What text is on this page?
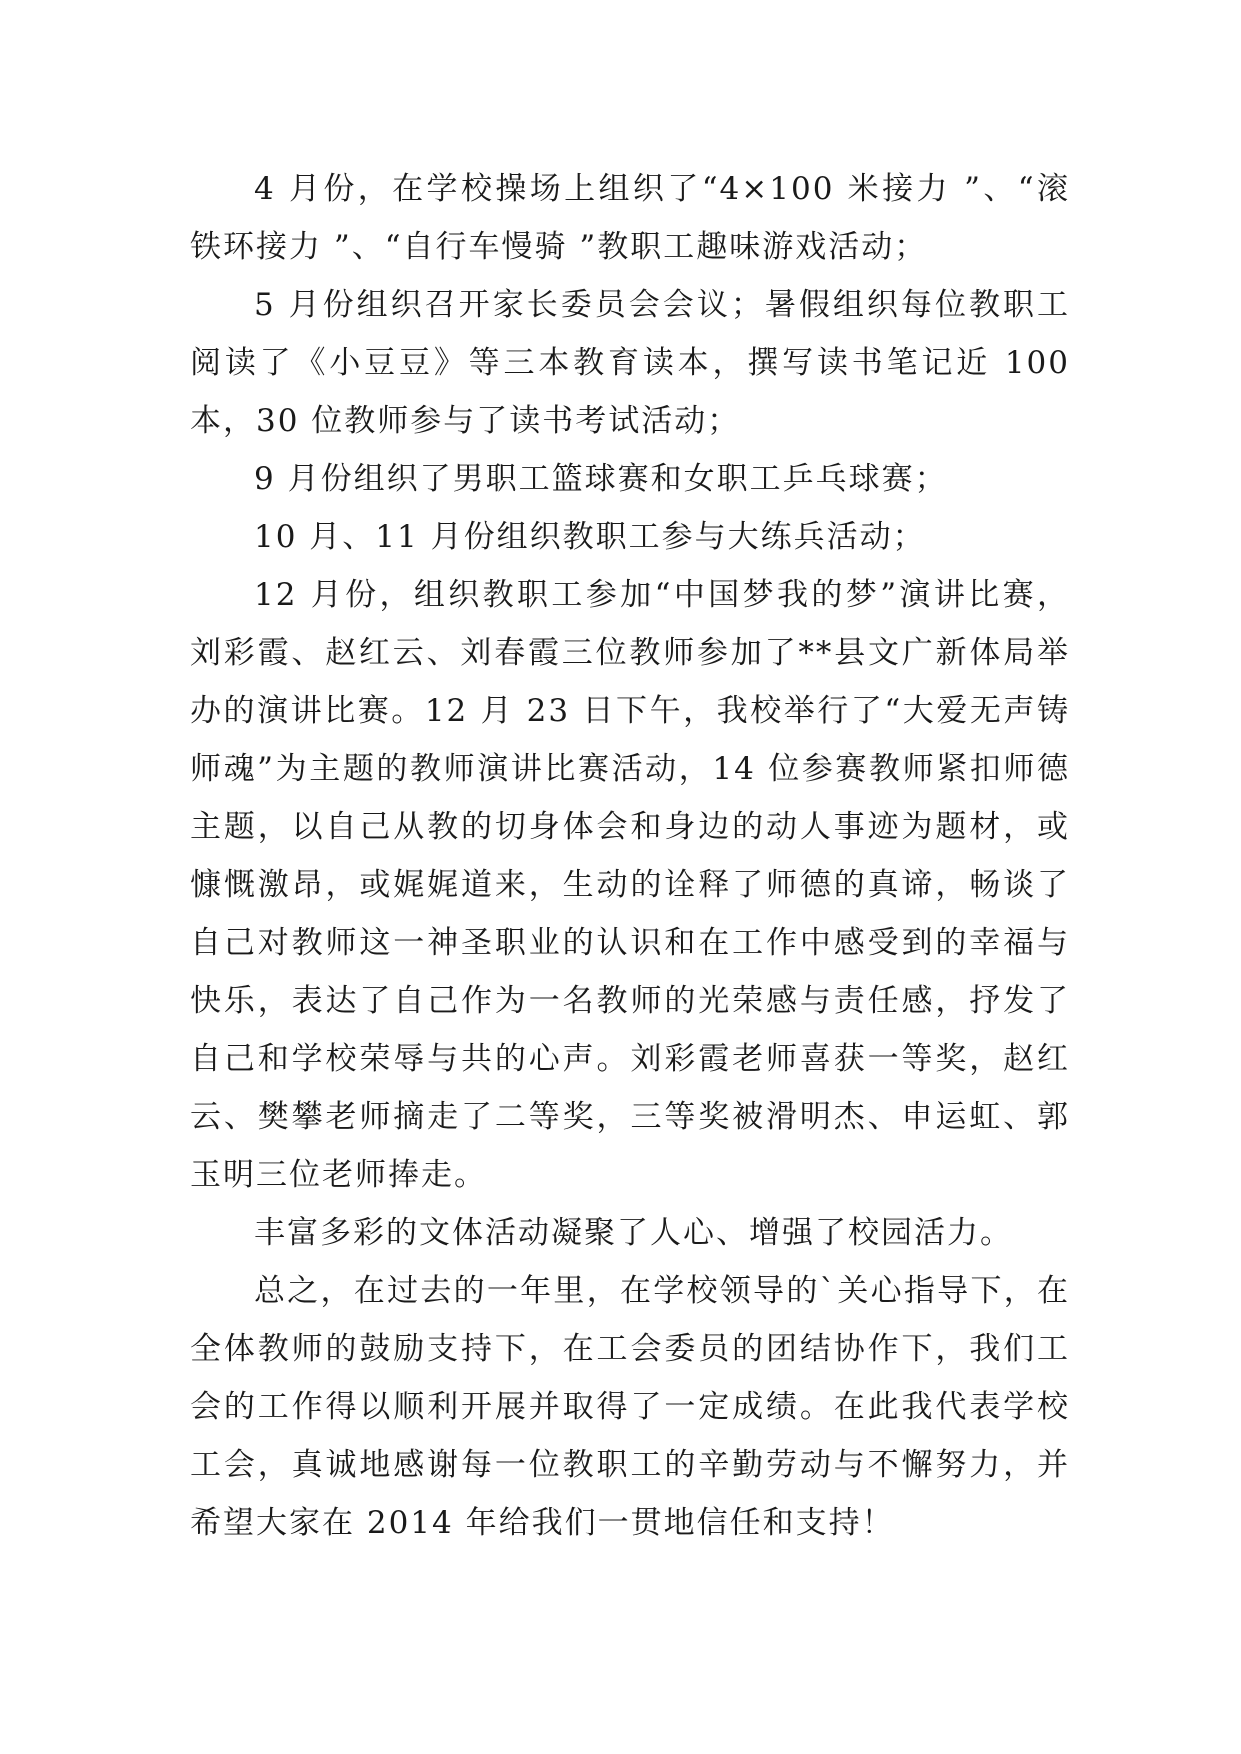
4 月份，在学校操场上组织了“4×100 米接力 ”、“滚铁环接力 ”、“自行车慢骑 ”教职工趣味游戏活动；

5 月份组织召开家长委员会会议；暑假组织每位教职工阅读了《小豆豆》等三本教育读本，撰写读书笔记近 100 本，30 位教师参与了读书考试活动；

9 月份组织了男职工篮球赛和女职工乒乓球赛；

10 月、11 月份组织教职工参与大练兵活动；

12 月份，组织教职工参加“中国梦我的梦”演讲比赛，刘彩霞、赵红云、刘春霞三位教师参加了**县文广新体局举办的演讲比赛。12 月 23 日下午，我校举行了“大爱无声铸师魂”为主题的教师演讲比赛活动，14 位参赛教师紧扣师德主题，以自己从教的切身体会和身边的动人事迹为题材，或慷慨激昂，或娓娓道来，生动的诠释了师德的真谛，畅谈了自己对教师这一神圣职业的认识和在工作中感受到的幸福与快乐，表达了自己作为一名教师的光荣感与责任感，抒发了自己和学校荣辱与共的心声。刘彩霞老师喜获一等奖，赵红云、樊攀老师摘走了二等奖，三等奖被滑明杰、申运虹、郭玉明三位老师捧走。

丰富多彩的文体活动凝聚了人心、增强了校园活力。

总之，在过去的一年里，在学校领导的`关心指导下，在全体教师的鼓励支持下，在工会委员的团结协作下，我们工会的工作得以顺利开展并取得了一定成绩。在此我代表学校工会，真诚地感谢每一位教职工的辛勤劳动与不懈努力，并希望大家在 2014 年给我们一贯地信任和支持！
